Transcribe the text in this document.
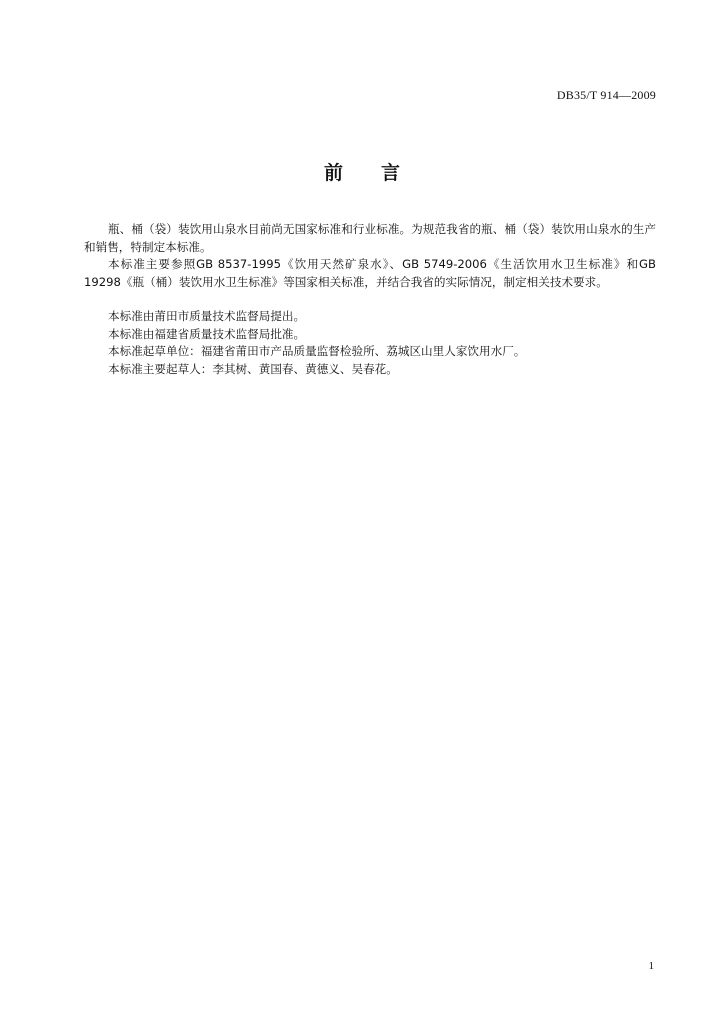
DB35/T 914—2009
前 言

瓶、桶（袋）装饮用山泉水目前尚无国家标准和行业标准。为规范我省的瓶、桶（袋）装饮用山泉水的生产和销售，特制定本标准。

本标准主要参照GB 8537-1995《饮用天然矿泉水》、GB 5749-2006《生活饮用水卫生标准》和GB 19298《瓶（桶）装饮用水卫生标准》等国家相关标准，并结合我省的实际情况，制定相关技术要求。

本标准由莆田市质量技术监督局提出。

本标准由福建省质量技术监督局批准。

本标准起草单位：福建省莆田市产品质量监督检验所、荔城区山里人家饮用水厂。

本标准主要起草人：李其树、黄国春、黄德义、吴春花。

1
